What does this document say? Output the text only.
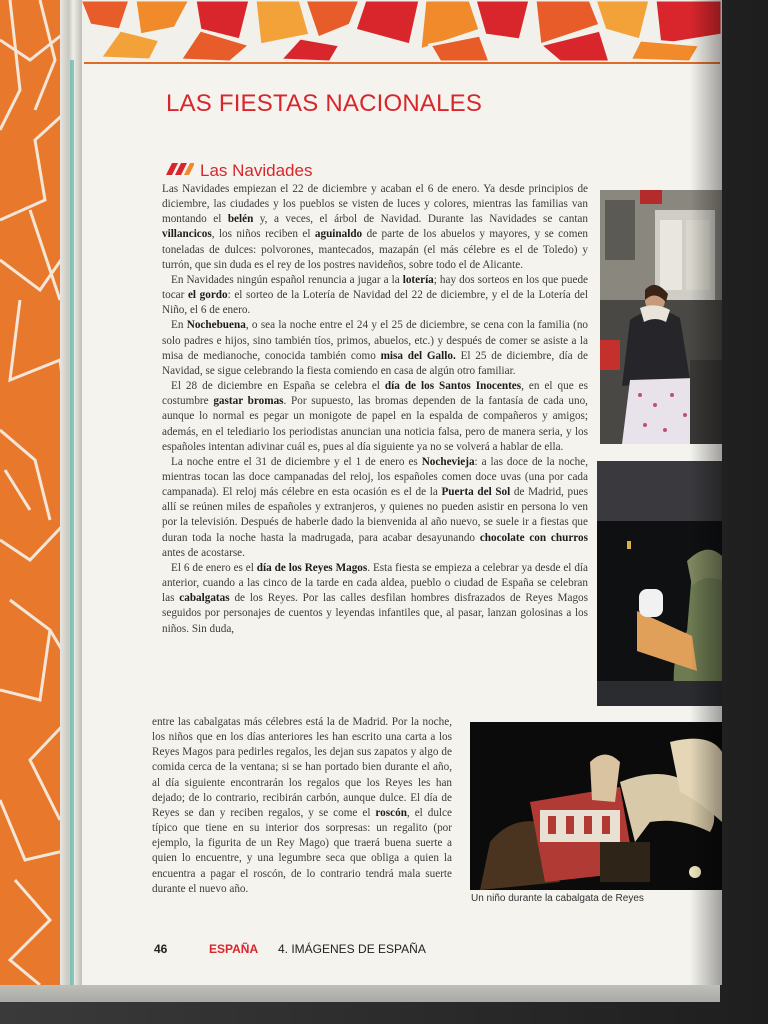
LAS FIESTAS NACIONALES
Las Navidades

Las Navidades empiezan el 22 de diciembre y acaban el 6 de enero. Ya desde principios de diciembre, las ciudades y los pueblos se visten de luces y colores, mientras las familias van montando el belén y, a veces, el árbol de Navidad. Durante las Navidades se cantan villancicos, los niños reciben el aguinaldo de parte de los abuelos y mayores, y se comen toneladas de dulces: polvorones, mantecados, mazapán (el más célebre es el de Toledo) y turrón, que sin duda es el rey de los postres navideños, sobre todo el de Alicante.

En Navidades ningún español renuncia a jugar a la lotería; hay dos sorteos en los que puede tocar el gordo: el sorteo de la Lotería de Navidad del 22 de diciembre, y el de la Lotería del Niño, el 6 de enero.

En Nochebuena, o sea la noche entre el 24 y el 25 de diciembre, se cena con la familia (no solo padres e hijos, sino también tíos, primos, abuelos, etc.) y después de comer se asiste a la misa de medianoche, conocida también como misa del Gallo. El 25 de diciembre, día de Navidad, se sigue celebrando la fiesta comiendo en casa de algún otro familiar.

El 28 de diciembre en España se celebra el día de los Santos Inocentes, en el que es costumbre gastar bromas. Por supuesto, las bromas dependen de la fantasía de cada uno, aunque lo normal es pegar un monigote de papel en la espalda de compañeros y amigos; además, en el telediario los periodistas anuncian una noticia falsa, pero de manera seria, y los españoles intentan adivinar cuál es, pues al día siguiente ya no se volverá a hablar de ella.

La noche entre el 31 de diciembre y el 1 de enero es Nochevieja: a las doce de la noche, mientras tocan las doce campanadas del reloj, los españoles comen doce uvas (una por cada campanada). El reloj más célebre en esta ocasión es el de la Puerta del Sol de Madrid, pues allí se reúnen miles de españoles y extranjeros, y quienes no pueden asistir en persona lo ven por la televisión. Después de haberle dado la bienvenida al año nuevo, se suele ir a fiestas que duran toda la noche hasta la madrugada, para acabar desayunando chocolate con churros antes de acostarse.

El 6 de enero es el día de los Reyes Magos. Esta fiesta se empieza a celebrar ya desde el día anterior, cuando a las cinco de la tarde en cada aldea, pueblo o ciudad de España se celebran las cabalgatas de los Reyes. Por las calles desfilan hombres disfrazados de Reyes Magos seguidos por personajes de cuentos y leyendas infantiles que, al pasar, lanzan golosinas a los niños. Sin duda,

entre las cabalgatas más célebres está la de Madrid. Por la noche, los niños que en los días anteriores les han escrito una carta a los Reyes Magos para pedirles regalos, les dejan sus zapatos y algo de comida cerca de la ventana; si se han portado bien durante el año, al día siguiente encontrarán los regalos que los Reyes les han dejado; de lo contrario, recibirán carbón, aunque dulce. El día de Reyes se dan y reciben regalos, y se come el roscón, el dulce típico que tiene en su interior dos sorpresas: un regalito (por ejemplo, la figurita de un Rey Mago) que traerá buena suerte a quien lo encuentre, y una legumbre seca que obliga a quien la encuentra a pagar el roscón, de lo contrario tendrá mala suerte durante el nuevo año.

Un niño durante la cabalgata de Reyes
46	ESPAÑA 4. IMÁGENES DE ESPAÑA
